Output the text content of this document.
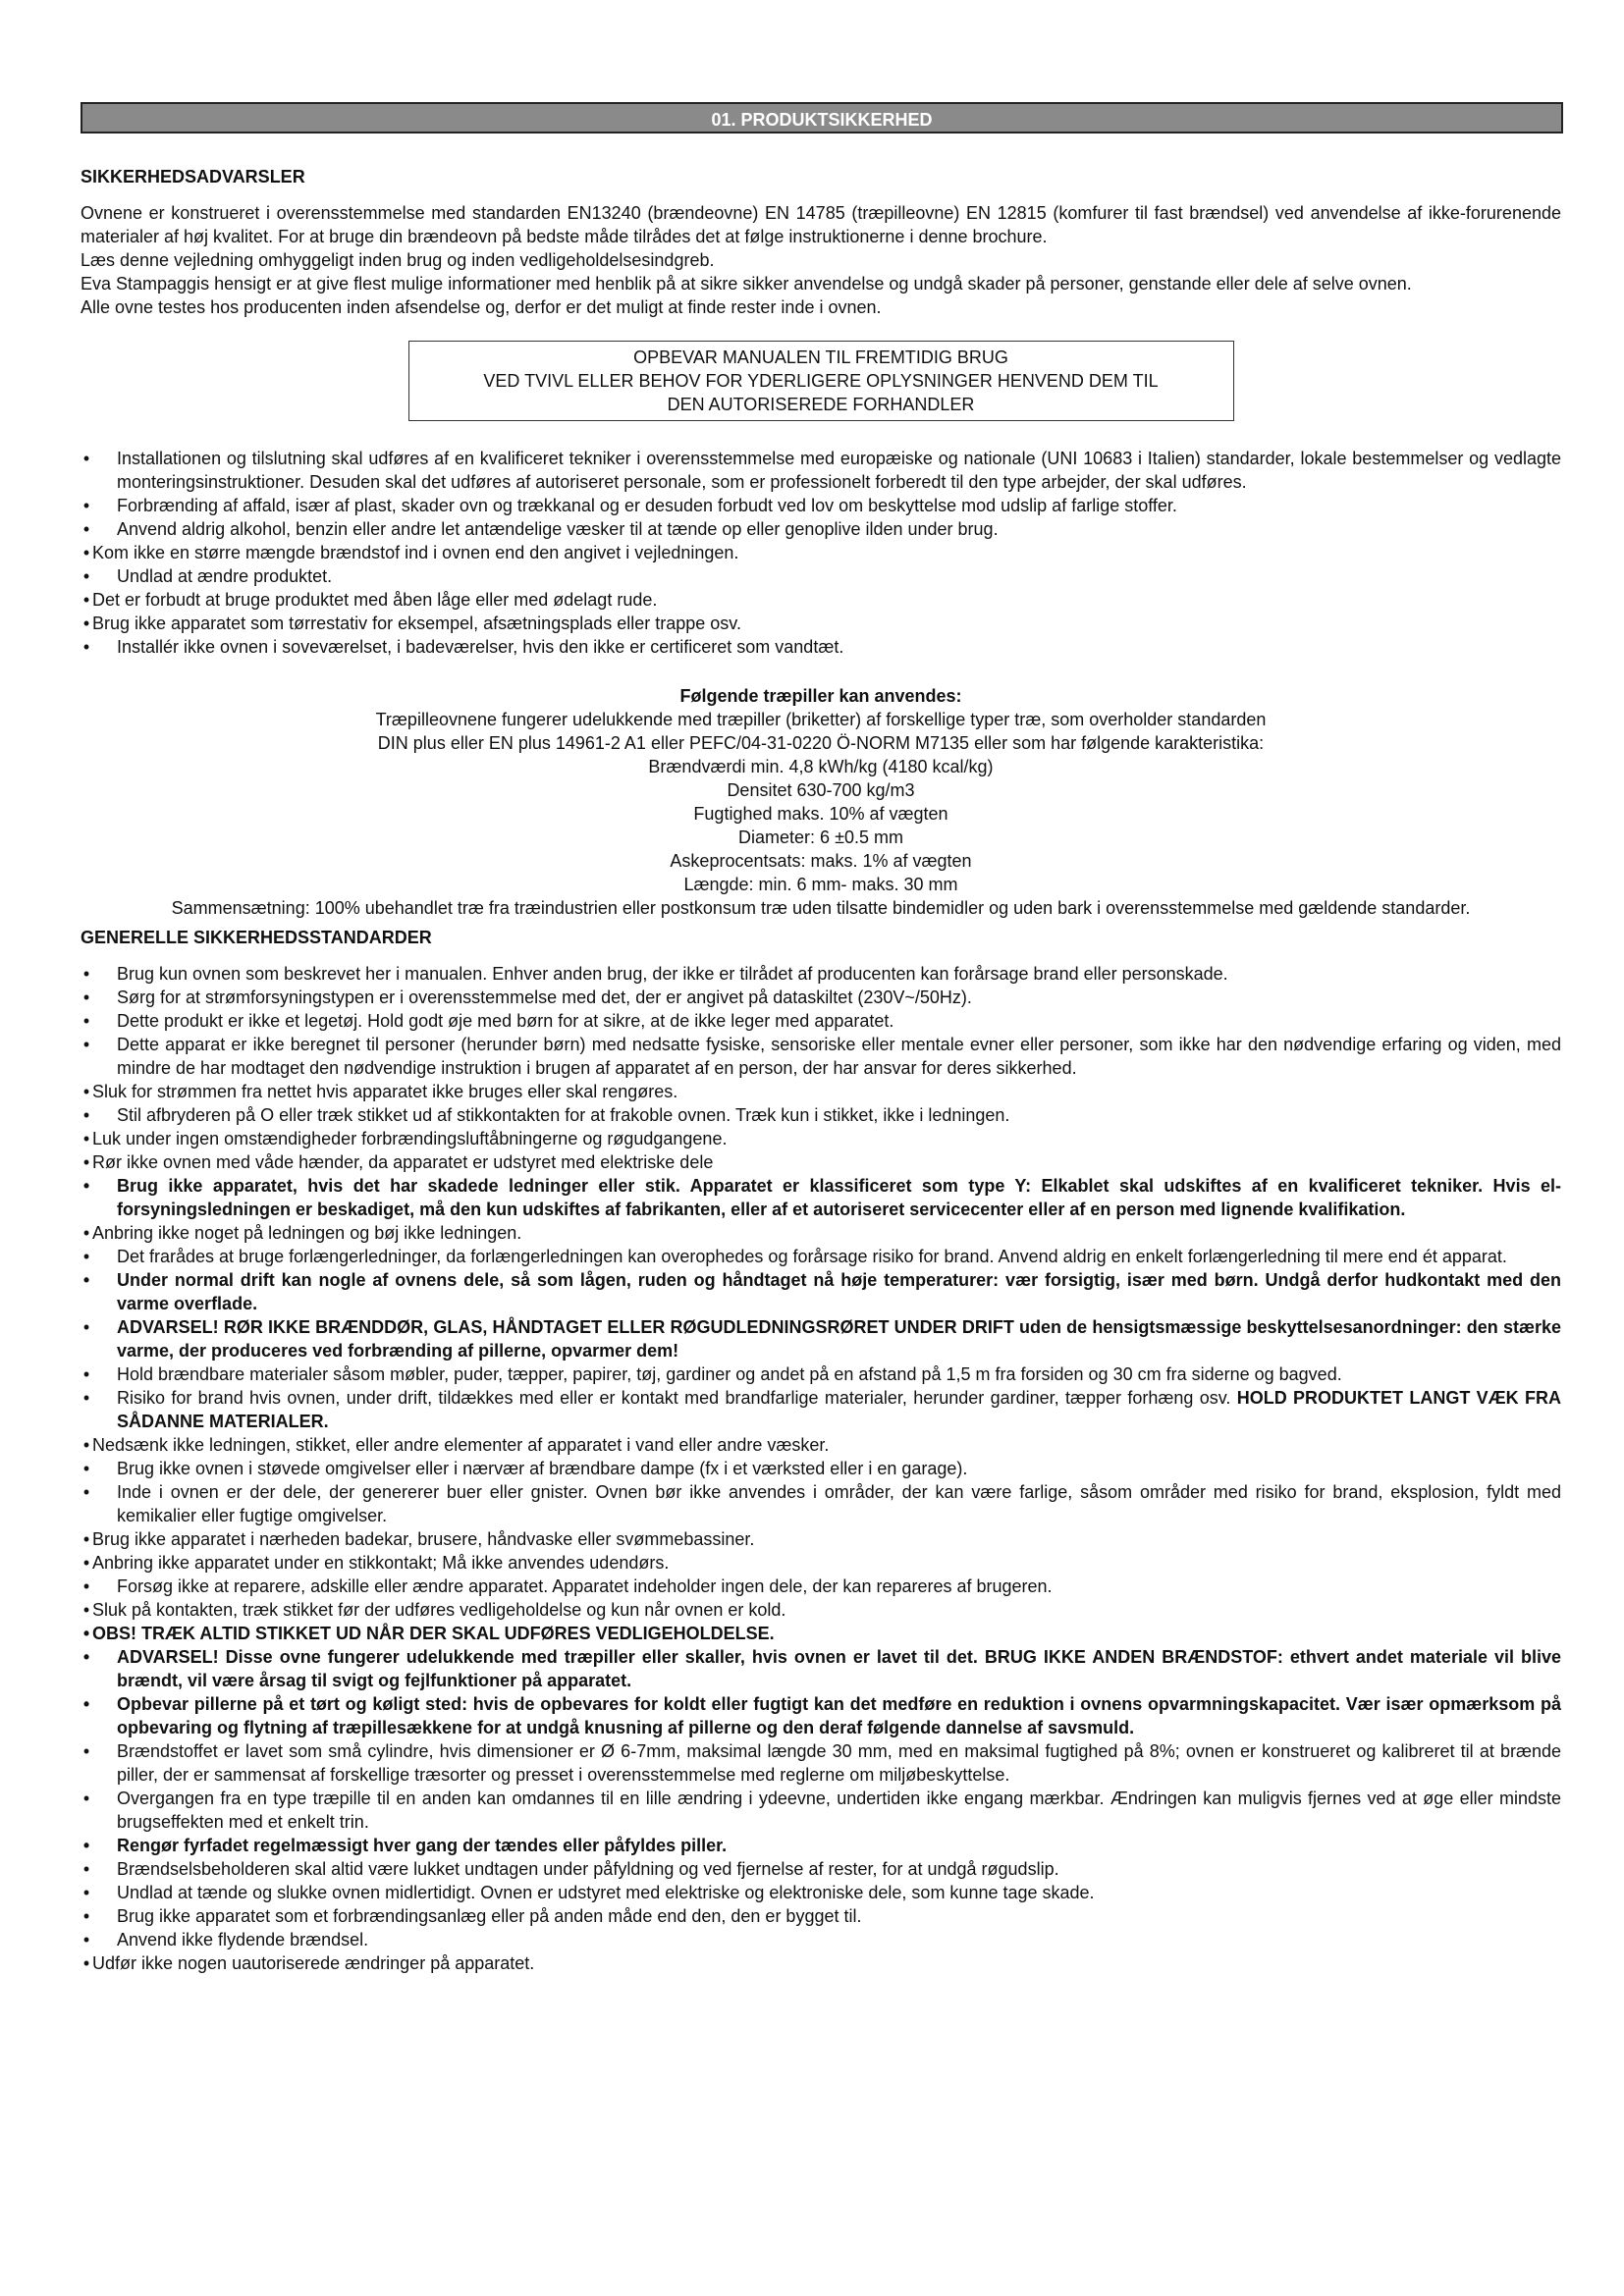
01. PRODUKTSIKKERHED
SIKKERHEDSADVARSLER

Ovnene er konstrueret i overensstemmelse med standarden EN13240 (brændeovne) EN 14785 (træpilleovne) EN 12815 (komfurer til fast brændsel) ved anvendelse af ikke-forurenende materialer af høj kvalitet. For at bruge din brændeovn på bedste måde tilrådes det at følge instruktionerne i denne brochure.

Læs denne vejledning omhyggeligt inden brug og inden vedligeholdelsesindgreb.

Eva Stampaggis hensigt er at give flest mulige informationer med henblik på at sikre sikker anvendelse og undgå skader på personer, genstande eller dele af selve ovnen.

Alle ovne testes hos producenten inden afsendelse og, derfor er det muligt at finde rester inde i ovnen.

OPBEVAR MANUALEN TIL FREMTIDIG BRUG
VED TVIVL ELLER BEHOV FOR YDERLIGERE OPLYSNINGER HENVEND DEM TIL
DEN AUTORISEREDE FORHANDLER
• Installationen og tilslutning skal udføres af en kvalificeret tekniker i overensstemmelse med europæiske og nationale (UNI 10683 i Italien) standarder, lokale bestemmelser og vedlagte monteringsinstruktioner. Desuden skal det udføres af autoriseret personale, som er professionelt forberedt til den type arbejder, der skal udføres.
• Forbrænding af affald, især af plast, skader ovn og trækkanal og er desuden forbudt ved lov om beskyttelse mod udslip af farlige stoffer.
• Anvend aldrig alkohol, benzin eller andre let antændelige væsker til at tænde op eller genoplive ilden under brug.
• Kom ikke en større mængde brændstof ind i ovnen end den angivet i vejledningen.
• Undlad at ændre produktet.
• Det er forbudt at bruge produktet med åben låge eller med ødelagt rude.
• Brug ikke apparatet som tørrestativ for eksempel, afsætningsplads eller trappe osv.
• Installér ikke ovnen i soveværelset, i badeværelser, hvis den ikke er certificeret som vandtæt.
Følgende træpiller kan anvendes:
Træpilleovnene fungerer udelukkende med træpiller (briketter) af forskellige typer træ, som overholder standarden
DIN plus eller EN plus 14961-2 A1 eller PEFC/04-31-0220 Ö-NORM M7135 eller som har følgende karakteristika:
Brændværdi min. 4,8 kWh/kg (4180 kcal/kg)
Densitet 630-700 kg/m3
Fugtighed maks. 10% af vægten
Diameter: 6 ±0.5 mm
Askeprocentsats: maks. 1% af vægten
Længde: min. 6 mm- maks. 30 mm
Sammensætning: 100% ubehandlet træ fra træindustrien eller postkonsum træ uden tilsatte bindemidler og uden bark i overensstemmelse med gældende standarder.
GENERELLE SIKKERHEDSSTANDARDER
• Brug kun ovnen som beskrevet her i manualen. Enhver anden brug, der ikke er tilrådet af producenten kan forårsage brand eller personskade.
• Sørg for at strømforsyningstypen er i overensstemmelse med det, der er angivet på dataskiltet (230V~/50Hz).
• Dette produkt er ikke et legetøj. Hold godt øje med børn for at sikre, at de ikke leger med apparatet.
• Dette apparat er ikke beregnet til personer (herunder børn) med nedsatte fysiske, sensoriske eller mentale evner eller personer, som ikke har den nødvendige erfaring og viden, med mindre de har modtaget den nødvendige instruktion i brugen af apparatet af en person, der har ansvar for deres sikkerhed.
• Sluk for strømmen fra nettet hvis apparatet ikke bruges eller skal rengøres.
• Stil afbryderen på O eller træk stikket ud af stikkontakten for at frakoble ovnen. Træk kun i stikket, ikke i ledningen.
• Luk under ingen omstændigheder forbrændingsluftåbningerne og røgudgangene.
• Rør ikke ovnen med våde hænder, da apparatet er udstyret med elektriske dele
• Brug ikke apparatet, hvis det har skadede ledninger eller stik. Apparatet er klassificeret som type Y: Elkablet skal udskiftes af en kvalificeret tekniker. Hvis el-forsyningsledningen er beskadiget, må den kun udskiftes af fabrikanten, eller af et autoriseret servicecenter eller af en person med lignende kvalifikation.
• Anbring ikke noget på ledningen og bøj ikke ledningen.
• Det frarådes at bruge forlængerledninger, da forlængerledningen kan overophedes og forårsage risiko for brand. Anvend aldrig en enkelt forlængerledning til mere end ét apparat.
• Under normal drift kan nogle af ovnens dele, så som lågen, ruden og håndtaget nå høje temperaturer: vær forsigtig, især med børn. Undgå derfor hudkontakt med den varme overflade.
• ADVARSEL! RØR IKKE BRÆNDDØR, GLAS, HÅNDTAGET ELLER RØGUDLEDNINGSRØRET UNDER DRIFT uden de hensigtsmæssige beskyttelsesanordninger: den stærke varme, der produceres ved forbrænding af pillerne, opvarmer dem!
• Hold brændbare materialer såsom møbler, puder, tæpper, papirer, tøj, gardiner og andet på en afstand på 1,5 m fra forsiden og 30 cm fra siderne og bagved.
• Risiko for brand hvis ovnen, under drift, tildækkes med eller er kontakt med brandfarlige materialer, herunder gardiner, tæpper forhæng osv. HOLD PRODUKTET LANGT VÆK FRA SÅDANNE MATERIALER.
• Nedsænk ikke ledningen, stikket, eller andre elementer af apparatet i vand eller andre væsker.
• Brug ikke ovnen i støvede omgivelser eller i nærvær af brændbare dampe (fx i et værksted eller i en garage).
• Inde i ovnen er der dele, der genererer buer eller gnister. Ovnen bør ikke anvendes i områder, der kan være farlige, såsom områder med risiko for brand, eksplosion, fyldt med kemikalier eller fugtige omgivelser.
• Brug ikke apparatet i nærheden badekar, brusere, håndvaske eller svømmebassiner.
• Anbring ikke apparatet under en stikkontakt; Må ikke anvendes udendørs.
• Forsøg ikke at reparere, adskille eller ændre apparatet. Apparatet indeholder ingen dele, der kan repareres af brugeren.
• Sluk på kontakten, træk stikket før der udføres vedligeholdelse og kun når ovnen er kold.
• OBS! TRÆK ALTID STIKKET UD NÅR DER SKAL UDFØRES VEDLIGEHOLDELSE.
• ADVARSEL! Disse ovne fungerer udelukkende med træpiller eller skaller, hvis ovnen er lavet til det. BRUG IKKE ANDEN BRÆNDSTOF: ethvert andet materiale vil blive brændt, vil være årsag til svigt og fejlfunktioner på apparatet.
• Opbevar pillerne på et tørt og køligt sted: hvis de opbevares for koldt eller fugtigt kan det medføre en reduktion i ovnens opvarmningskapacitet. Vær især opmærksom på opbevaring og flytning af træpillesækkene for at undgå knusning af pillerne og den deraf følgende dannelse af savsmuld.
• Brændstoffet er lavet som små cylindre, hvis dimensioner er Ø 6-7mm, maksimal længde 30 mm, med en maksimal fugtighed på 8%; ovnen er konstrueret og kalibreret til at brænde piller, der er sammensat af forskellige træsorter og presset i overensstemmelse med reglerne om miljøbeskyttelse.
• Overgangen fra en type træpille til en anden kan omdannes til en lille ændring i ydeevne, undertiden ikke engang mærkbar. Ændringen kan muligvis fjernes ved at øge eller mindste brugseffekten med et enkelt trin.
• Rengør fyrfadet regelmæssigt hver gang der tændes eller påfyldes piller.
• Brændselsbeholderen skal altid være lukket undtagen under påfyldning og ved fjernelse af rester, for at undgå røgudslip.
• Undlad at tænde og slukke ovnen midlertidigt. Ovnen er udstyret med elektriske og elektroniske dele, som kunne tage skade.
• Brug ikke apparatet som et forbrændingsanlæg eller på anden måde end den, den er bygget til.
• Anvend ikke flydende brændsel.
• Udfør ikke nogen uautoriserede ændringer på apparatet.
